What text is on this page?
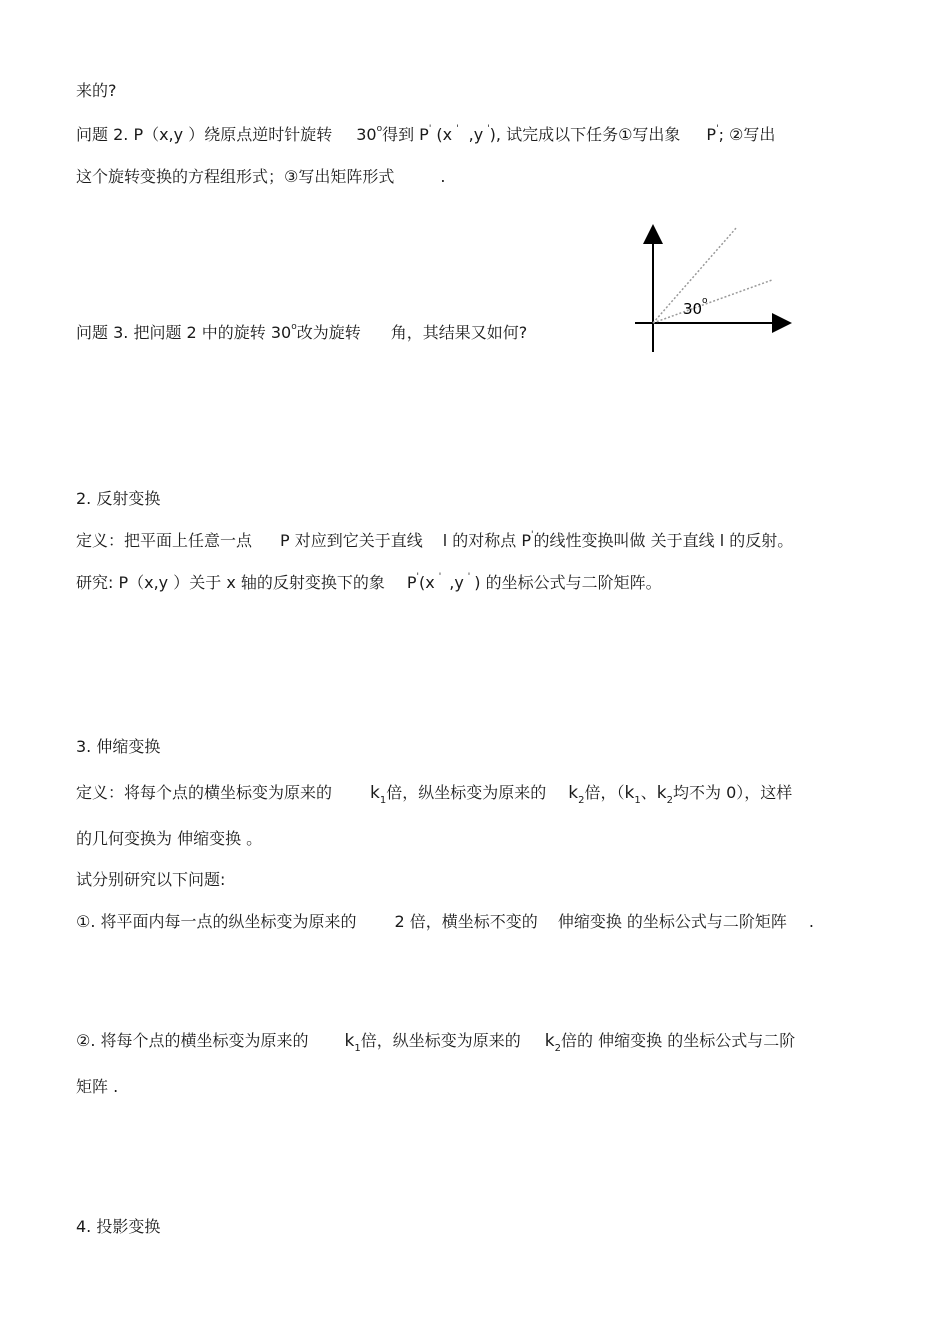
来的?
问题 2. P（x,y ）绕原点逆时针旋转 30o得到 P' (x ' ,y '), 试完成以下任务①写出象 P'; ②写出
这个旋转变换的方程组形式；③写出矩阵形式	.
问题 3. 把问题 2 中的旋转 30o改为旋转 角，其结果又如何?
30 o
2. 反射变换
定义：把平面上任意一点 P 对应到它关于直线 l 的对称点 P'的线性变换叫做 关于直线 l 的反射。
研究: P（x,y ）关于 x 轴的反射变换下的象 P'(x ' ,y ' ) 的坐标公式与二阶矩阵。
3. 伸缩变换
定义：将每个点的横坐标变为原来的 k1倍，纵坐标变为原来的 k2倍，（k1、k2均不为 0），这样
的几何变换为 伸缩变换 。
试分别研究以下问题:
①. 将平面内每一点的纵坐标变为原来的 2 倍，横坐标不变的 伸缩变换 的坐标公式与二阶矩阵 .
②. 将每个点的横坐标变为原来的 k1倍，纵坐标变为原来的 k2倍的 伸缩变换 的坐标公式与二阶
矩阵 .
4. 投影变换
